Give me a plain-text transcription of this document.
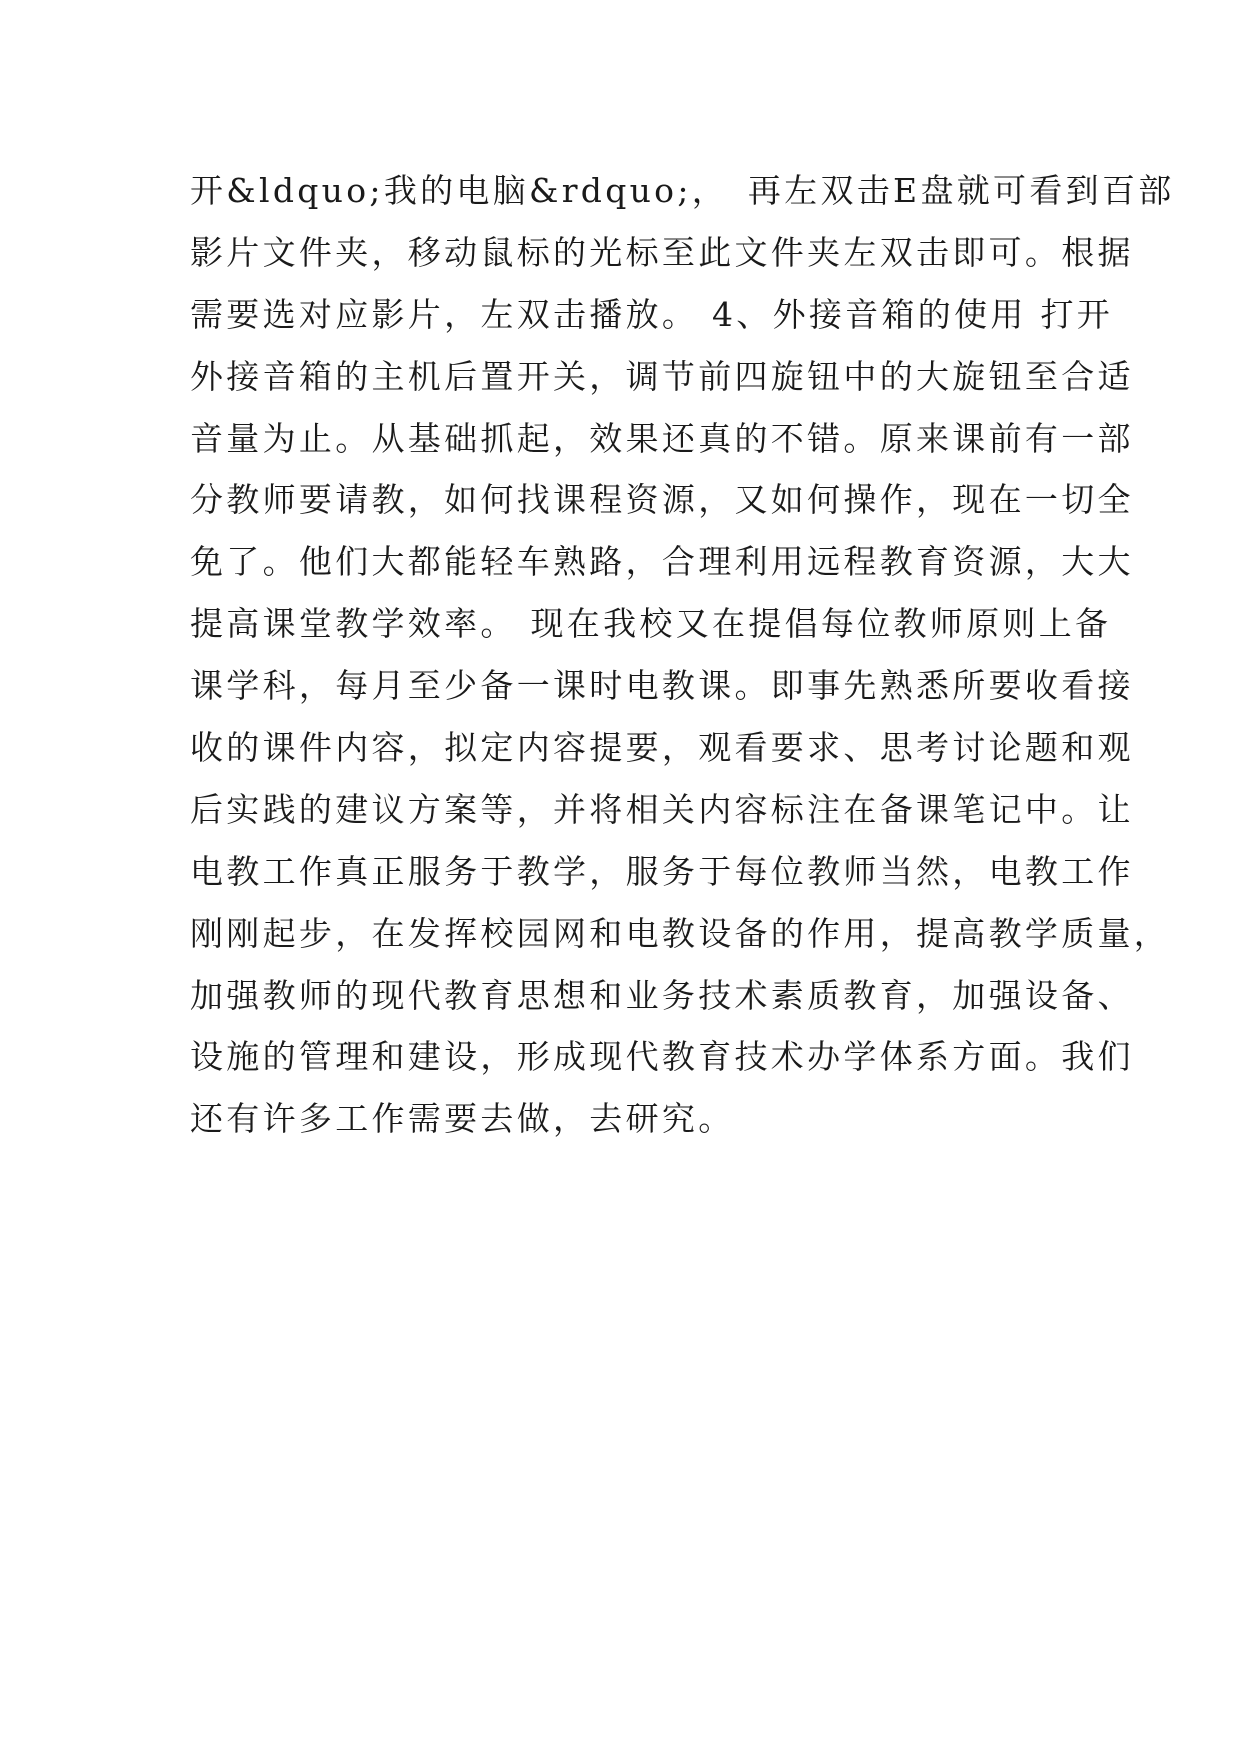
开&ldquo;我的电脑&rdquo;，　再左双击E盘就可看到百部
影片文件夹，移动鼠标的光标至此文件夹左双击即可。根据
需要选对应影片，左双击播放。 4、外接音箱的使用 打开
外接音箱的主机后置开关，调节前四旋钮中的大旋钮至合适
音量为止。从基础抓起，效果还真的不错。原来课前有一部
分教师要请教，如何找课程资源，又如何操作，现在一切全
免了。他们大都能轻车熟路，合理利用远程教育资源，大大
提高课堂教学效率。 现在我校又在提倡每位教师原则上备
课学科，每月至少备一课时电教课。即事先熟悉所要收看接
收的课件内容，拟定内容提要，观看要求、思考讨论题和观
后实践的建议方案等，并将相关内容标注在备课笔记中。让
电教工作真正服务于教学，服务于每位教师当然，电教工作
刚刚起步，在发挥校园网和电教设备的作用，提高教学质量，
加强教师的现代教育思想和业务技术素质教育，加强设备、
设施的管理和建设，形成现代教育技术办学体系方面。我们
还有许多工作需要去做，去研究。
